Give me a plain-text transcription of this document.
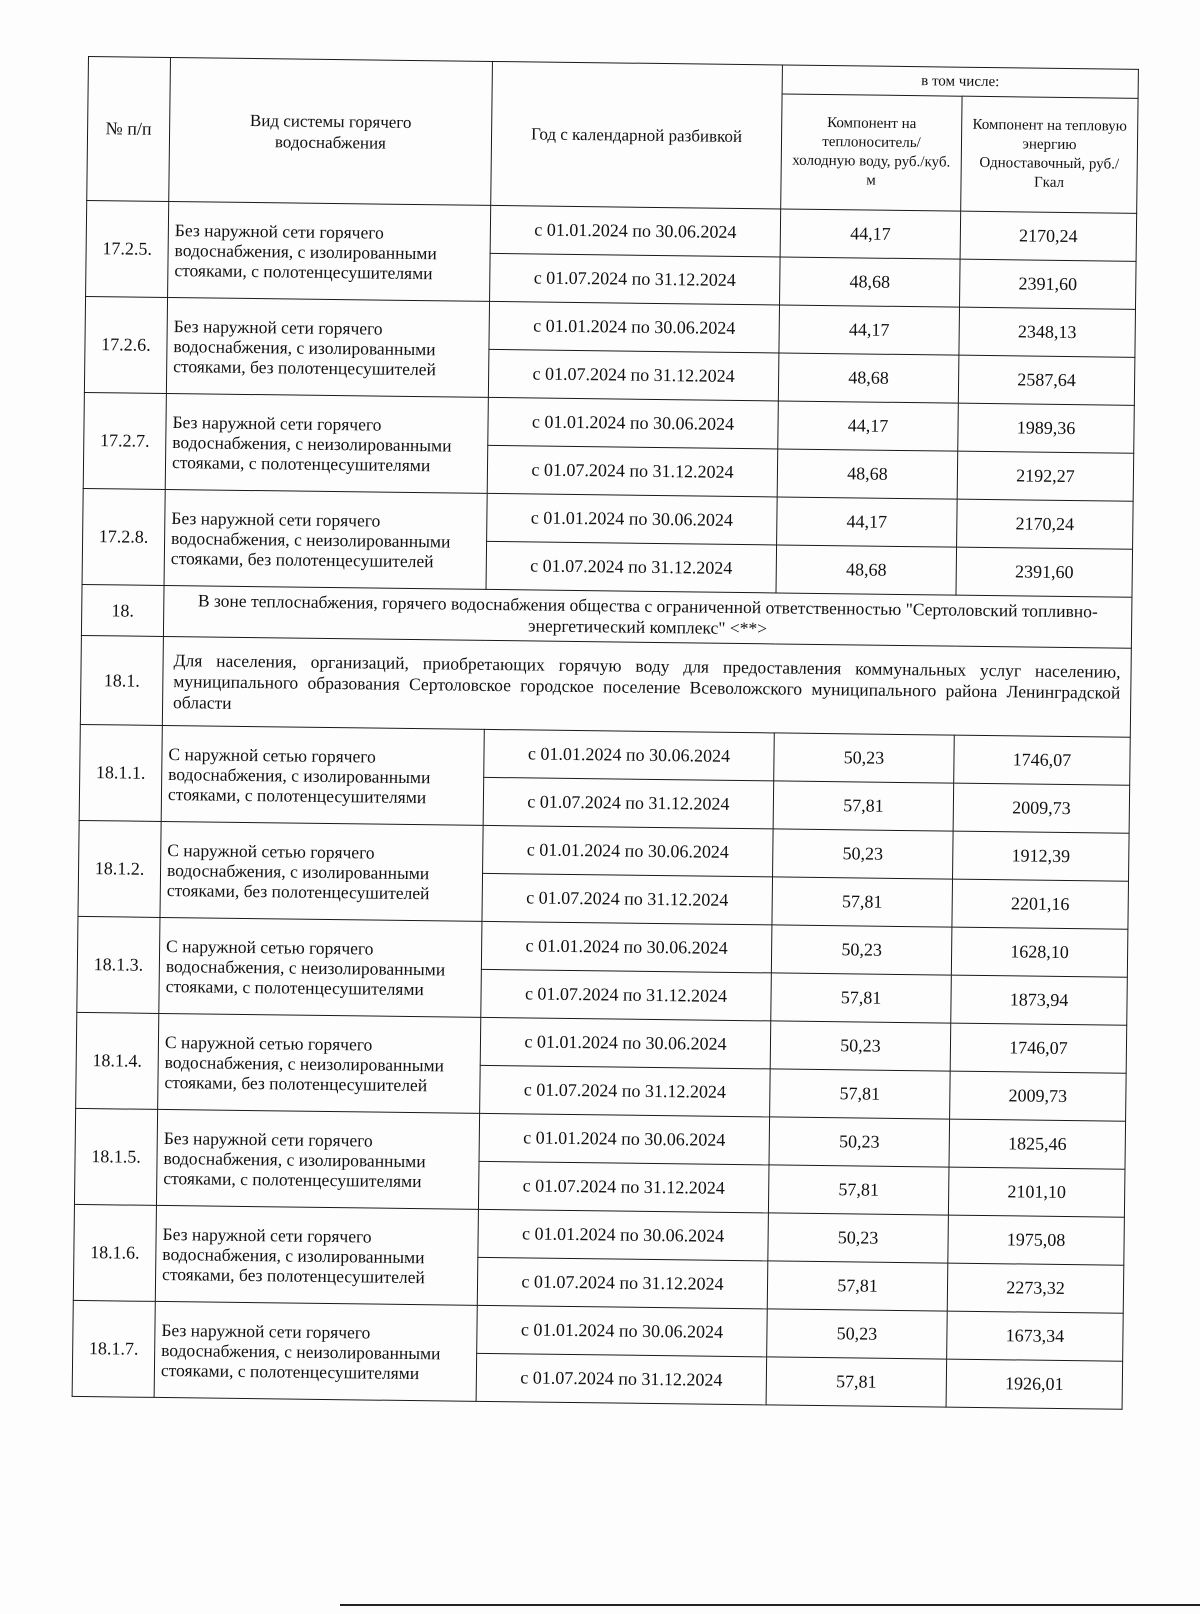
№ п/п	Вид системы горячего водоснабжения	Год с календарной разбивкой	в том числе:	
			Компонент на теплоноситель/ холодную воду, руб./куб. м	Компонент на тепловую энергию Одноставочный, руб./Гкал
17.2.5.	Без наружной сети горячего водоснабжения, с изолированными стояками, с полотенцесушителями	с 01.01.2024 по 30.06.2024	44,17	2170,24
		с 01.07.2024 по 31.12.2024	48,68	2391,60
17.2.6.	Без наружной сети горячего водоснабжения, с изолированными стояками, без полотенцесушителей	с 01.01.2024 по 30.06.2024	44,17	2348,13
		с 01.07.2024 по 31.12.2024	48,68	2587,64
17.2.7.	Без наружной сети горячего водоснабжения, с неизолированными стояками, с полотенцесушителями	с 01.01.2024 по 30.06.2024	44,17	1989,36
		с 01.07.2024 по 31.12.2024	48,68	2192,27
17.2.8.	Без наружной сети горячего водоснабжения, с неизолированными стояками, без полотенцесушителей	с 01.01.2024 по 30.06.2024	44,17	2170,24
		с 01.07.2024 по 31.12.2024	48,68	2391,60
18.	В зоне теплоснабжения, горячего водоснабжения общества с ограниченной ответственностью "Сертоловский топливно-энергетический комплекс" <**>			
18.1.	Для населения, организаций, приобретающих горячую воду для предоставления коммунальных услуг населению, муниципального образования Сертоловское городское поселение Всеволожского муниципального района Ленинградской области			
18.1.1.	С наружной сетью горячего водоснабжения, с изолированными стояками, с полотенцесушителями	с 01.01.2024 по 30.06.2024	50,23	1746,07
		с 01.07.2024 по 31.12.2024	57,81	2009,73
18.1.2.	С наружной сетью горячего водоснабжения, с изолированными стояками, без полотенцесушителей	с 01.01.2024 по 30.06.2024	50,23	1912,39
		с 01.07.2024 по 31.12.2024	57,81	2201,16
18.1.3.	С наружной сетью горячего водоснабжения, с неизолированными стояками, с полотенцесушителями	с 01.01.2024 по 30.06.2024	50,23	1628,10
		с 01.07.2024 по 31.12.2024	57,81	1873,94
18.1.4.	С наружной сетью горячего водоснабжения, с неизолированными стояками, без полотенцесушителей	с 01.01.2024 по 30.06.2024	50,23	1746,07
		с 01.07.2024 по 31.12.2024	57,81	2009,73
18.1.5.	Без наружной сети горячего водоснабжения, с изолированными стояками, с полотенцесушителями	с 01.01.2024 по 30.06.2024	50,23	1825,46
		с 01.07.2024 по 31.12.2024	57,81	2101,10
18.1.6.	Без наружной сети горячего водоснабжения, с изолированными стояками, без полотенцесушителей	с 01.01.2024 по 30.06.2024	50,23	1975,08
		с 01.07.2024 по 31.12.2024	57,81	2273,32
18.1.7.	Без наружной сети горячего водоснабжения, с неизолированными стояками, с полотенцесушителями	с 01.01.2024 по 30.06.2024	50,23	1673,34
		с 01.07.2024 по 31.12.2024	57,81	1926,01
